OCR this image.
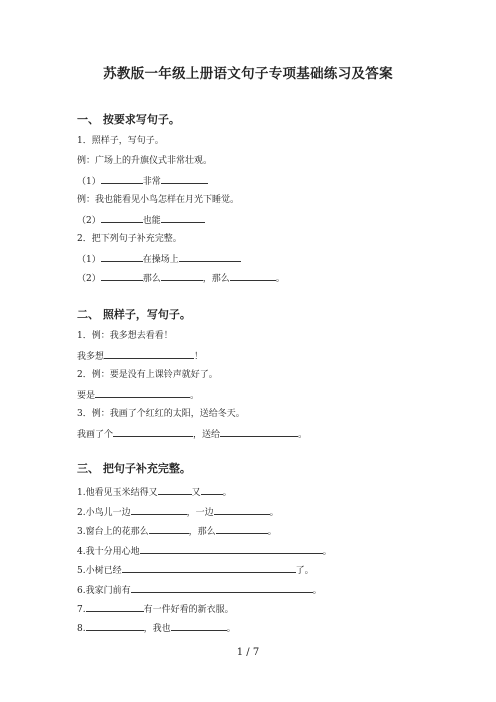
苏教版一年级上册语文句子专项基础练习及答案
一、 按要求写句子。
1．照样子，写句子。
例：广场上的升旗仪式非常壮观。
（1）	非常
例：我也能看见小鸟怎样在月光下睡觉。
（2）	也能
2．把下列句子补充完整。
（1）	在操场上
（2）	那么	，那么	。
二、 照样子，写句子。
1．例：我多想去看看！
我多想	！
2．例：要是没有上课铃声就好了。
要是	。
3．例：我画了个红红的太阳，送给冬天。
我画了个	，送给	。
三、 把句子补充完整。
1.他看见玉米结得又	又 。
2.小鸟儿一边	，一边	。
3.窗台上的花那么	，那么	。
4.我十分用心地	。
5.小树已经	了。
6.我家门前有	。
7.	有一件好看的新衣服。
8.	，我也	。
1 / 7
